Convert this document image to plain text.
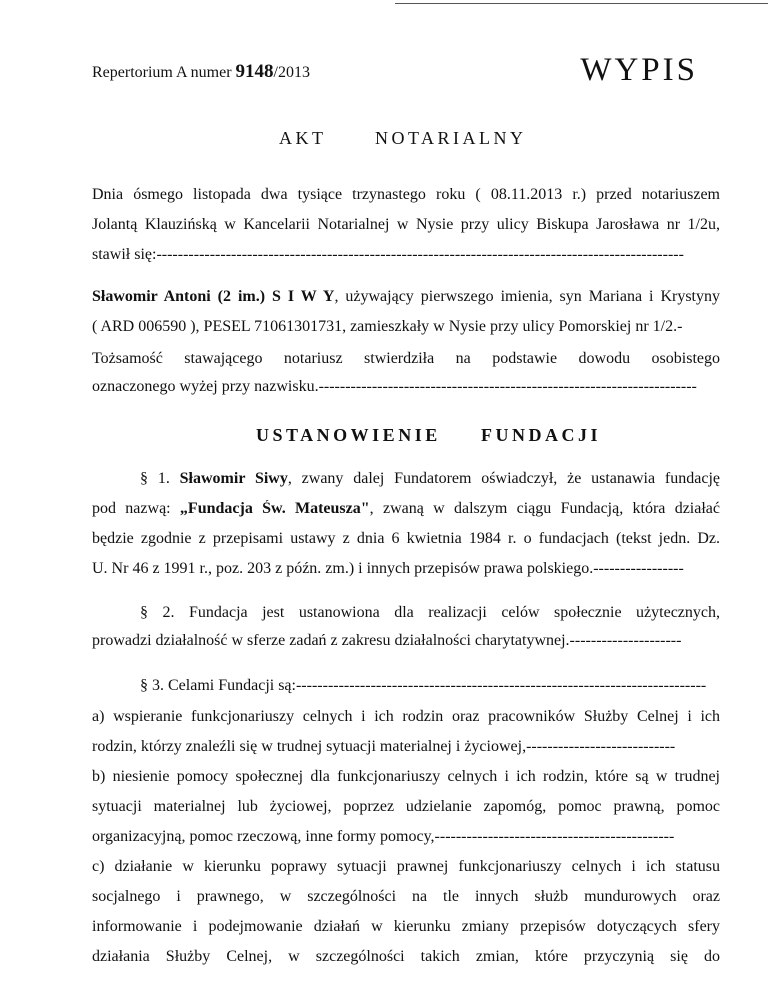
Repertorium A numer 9148/2013	WYPIS
AKT	NOTARIALNY
Dnia ósmego listopada dwa tysiące trzynastego roku ( 08.11.2013 r.) przed notariuszem
Jolantą Klauzińską w Kancelarii Notarialnej w Nysie przy ulicy Biskupa Jarosława nr 1/2u,
stawił się:---------------------------------------------------------------------------------------------------
Sławomir Antoni (2 im.) S I W Y, używający pierwszego imienia, syn Mariana i Krystyny
( ARD 006590 ), PESEL 71061301731, zamieszkały w Nysie przy ulicy Pomorskiej nr 1/2.-
Tożsamość stawającego notariusz stwierdziła na podstawie dowodu osobistego
oznaczonego wyżej przy nazwisku.-----------------------------------------------------------------------
USTANOWIENIE FUNDACJI
§ 1. Sławomir Siwy, zwany dalej Fundatorem oświadczył, że ustanawia fundację
pod nazwą: „Fundacja Św. Mateusza", zwaną w dalszym ciągu Fundacją, która działać
będzie zgodnie z przepisami ustawy z dnia 6 kwietnia 1984 r. o fundacjach (tekst jedn. Dz.
U. Nr 46 z 1991 r., poz. 203 z późn. zm.) i innych przepisów prawa polskiego.-----------------
§ 2. Fundacja jest ustanowiona dla realizacji celów społecznie użytecznych,
prowadzi działalność w sferze zadań z zakresu działalności charytatywnej.---------------------
§ 3. Celami Fundacji są:-----------------------------------------------------------------------------
a) wspieranie funkcjonariuszy celnych i ich rodzin oraz pracowników Służby Celnej i ich
rodzin, którzy znaleźli się w trudnej sytuacji materialnej i życiowej,----------------------------
b) niesienie pomocy społecznej dla funkcjonariuszy celnych i ich rodzin, które są w trudnej
sytuacji materialnej lub życiowej, poprzez udzielanie zapomóg, pomoc prawną, pomoc
organizacyjną, pomoc rzeczową, inne formy pomocy,---------------------------------------------
c) działanie w kierunku poprawy sytuacji prawnej funkcjonariuszy celnych i ich statusu
socjalnego i prawnego, w szczególności na tle innych służb mundurowych oraz
informowanie i podejmowanie działań w kierunku zmiany przepisów dotyczących sfery
działania Służby Celnej, w szczególności takich zmian, które przyczynią się do
